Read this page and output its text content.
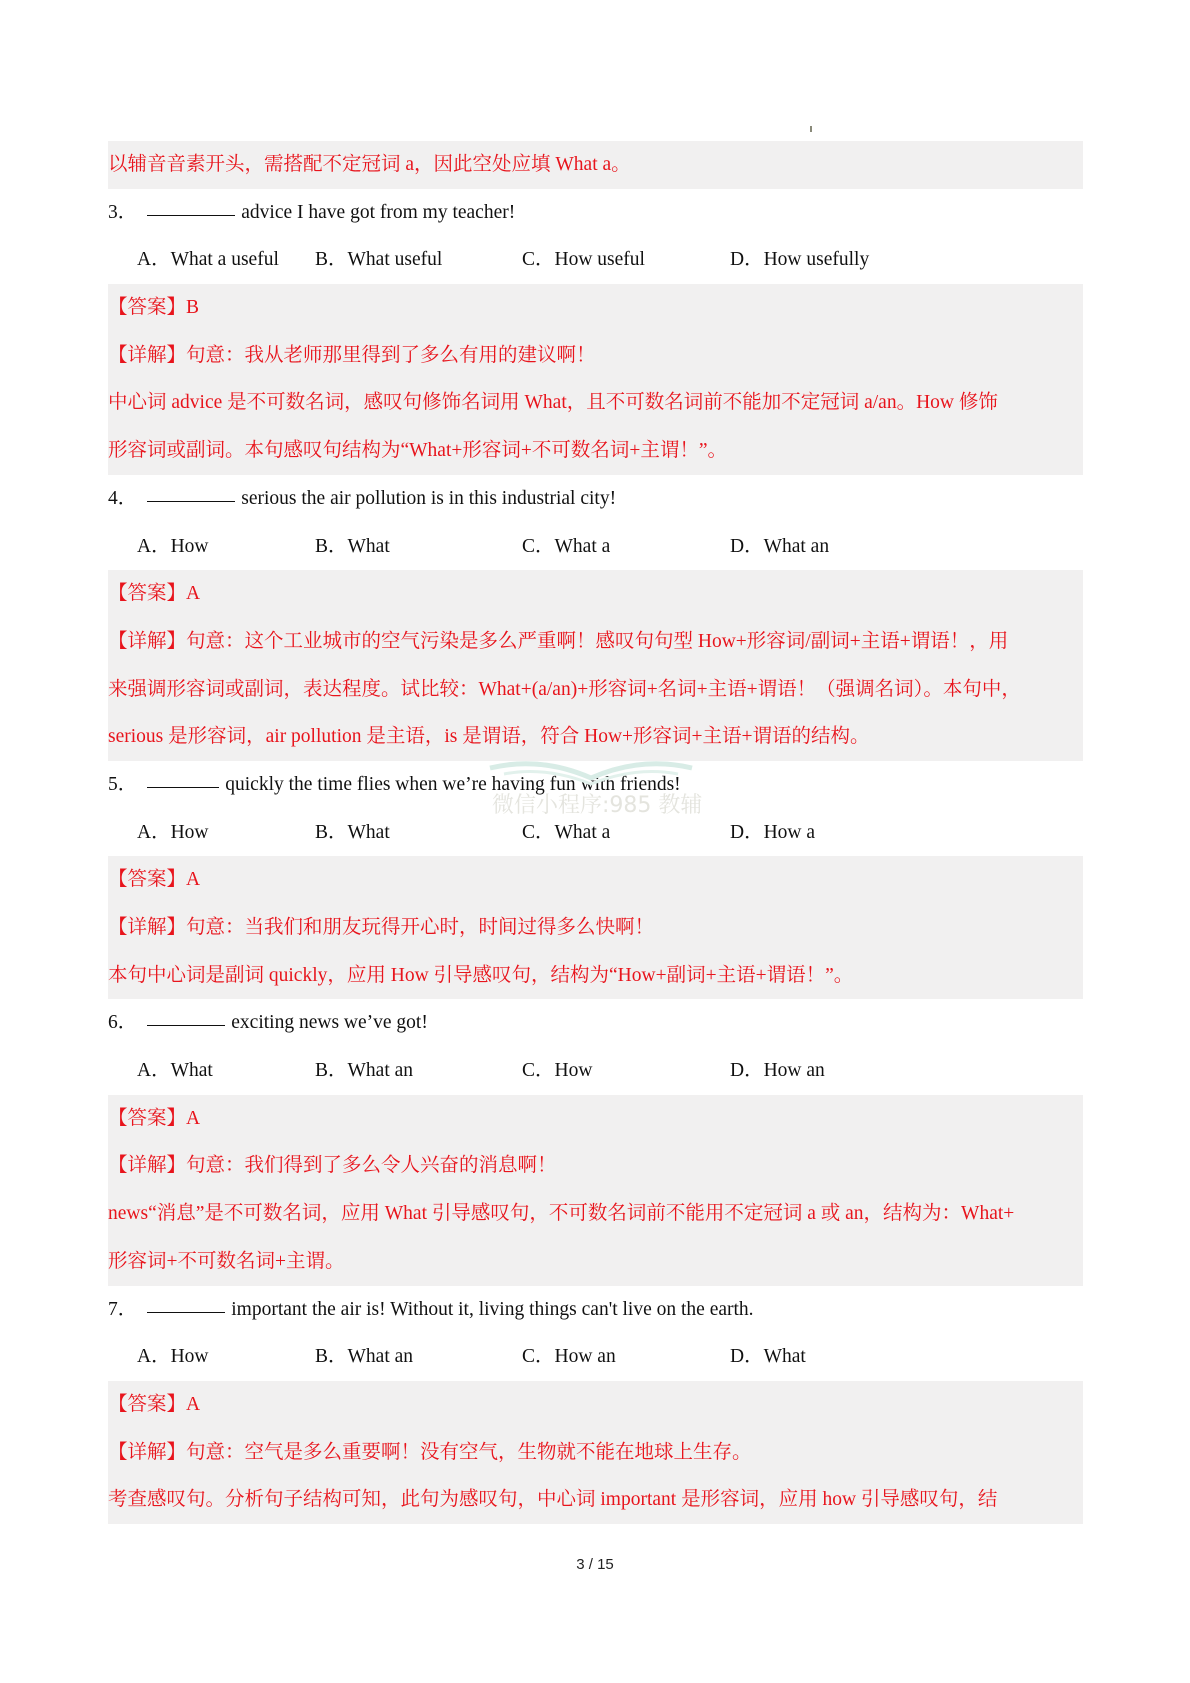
以辅音音素开头，需搭配不定冠词 a，因此空处应填 What a。
3．	advice I have got from my teacher!
A．What a useful B．What useful	C．How useful	D．How usefully
【答案】B
【详解】句意：我从老师那里得到了多么有用的建议啊！
中心词 advice 是不可数名词，感叹句修饰名词用 What，且不可数名词前不能加不定冠词 a/an。How 修饰
形容词或副词。本句感叹句结构为“What+形容词+不可数名词+主谓！”。
4．	serious the air pollution is in this industrial city!
A．How	B．What	C．What a	D．What an
【答案】A
【详解】句意：这个工业城市的空气污染是多么严重啊！感叹句句型 How+形容词/副词+主语+谓语！，用
来强调形容词或副词，表达程度。试比较：What+(a/an)+形容词+名词+主语+谓语！（强调名词）。本句中，
serious 是形容词，air pollution 是主语，is 是谓语，符合 How+形容词+主语+谓语的结构。
5．	quickly the time flies when we’re having fun with friends!
A．How	B．What	C．What a	D．How a
【答案】A
【详解】句意：当我们和朋友玩得开心时，时间过得多么快啊！
本句中心词是副词 quickly，应用 How 引导感叹句，结构为“How+副词+主语+谓语！”。
6．	exciting news we’ve got!
A．What	B．What an	C．How	D．How an
【答案】A
【详解】句意：我们得到了多么令人兴奋的消息啊！
news“消息”是不可数名词，应用 What 引导感叹句，不可数名词前不能用不定冠词 a 或 an，结构为：What+
形容词+不可数名词+主谓。
7．	important the air is! Without it, living things can't live on the earth.
A．How	B．What an	C．How an	D．What
【答案】A
【详解】句意：空气是多么重要啊！没有空气，生物就不能在地球上生存。
考查感叹句。分析句子结构可知，此句为感叹句，中心词 important 是形容词，应用 how 引导感叹句，结
微信小程序:985 教辅
3 / 15
